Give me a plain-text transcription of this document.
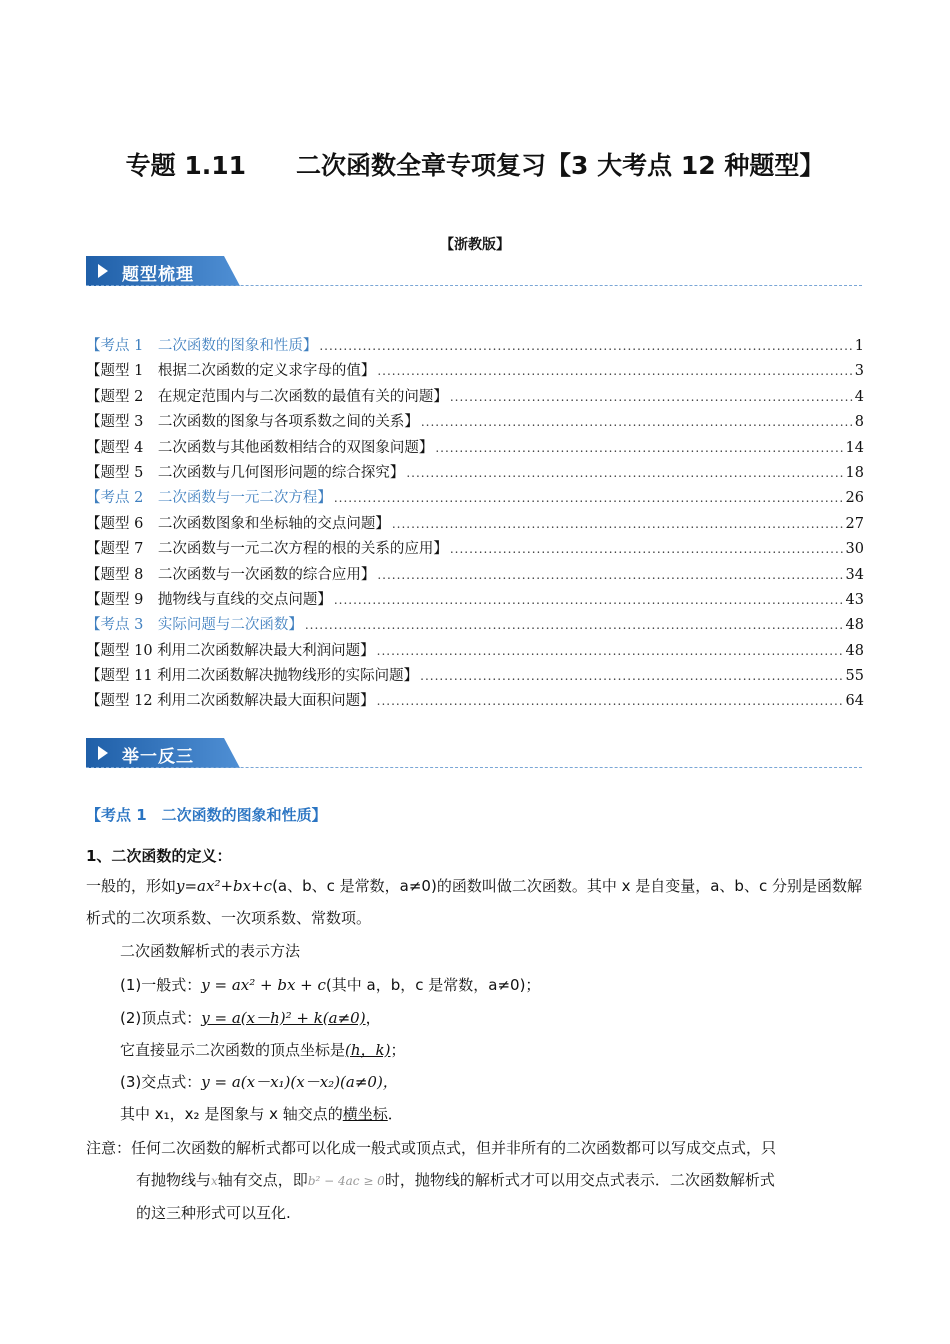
专题 1.11　　二次函数全章专项复习【3 大考点 12 种题型】
【浙教版】
题型梳理
【考点 1　二次函数的图象和性质】 .....	1
【题型 1　根据二次函数的定义求字母的值】 .....	3
【题型 2　在规定范围内与二次函数的最值有关的问题】 .....	4
【题型 3　二次函数的图象与各项系数之间的关系】 .....	8
【题型 4　二次函数与其他函数相结合的双图象问题】 .....	14
【题型 5　二次函数与几何图形问题的综合探究】 .....	18
【考点 2　二次函数与一元二次方程】 .....	26
【题型 6　二次函数图象和坐标轴的交点问题】 .....	27
【题型 7　二次函数与一元二次方程的根的关系的应用】 .....	30
【题型 8　二次函数与一次函数的综合应用】 .....	34
【题型 9　抛物线与直线的交点问题】 .....	43
【考点 3　实际问题与二次函数】 .....	48
【题型 10 利用二次函数解决最大利润问题】 .....	48
【题型 11 利用二次函数解决抛物线形的实际问题】 .....	55
【题型 12 利用二次函数解决最大面积问题】 .....	64
举一反三
【考点 1　二次函数的图象和性质】
1、二次函数的定义：
一般的，形如y=ax²+bx+c(a、b、c 是常数，a≠0)的函数叫做二次函数。其中 x 是自变量，a、b、c 分别是函数解析式的二次项系数、一次项系数、常数项。
二次函数解析式的表示方法
(1)一般式：y = ax² + bx + c(其中 a，b，c 是常数，a≠0)；
(2)顶点式：y = a(x－h)² + k(a≠0)，
它直接显示二次函数的顶点坐标是(h，k)；
(3)交点式：y = a(x－x₁)(x－x₂)(a≠0)，
其中 x₁，x₂ 是图象与 x 轴交点的横坐标．
注意：任何二次函数的解析式都可以化成一般式或顶点式，但并非所有的二次函数都可以写成交点式，只
有抛物线与x轴有交点，即b² − 4ac ≥ 0时，抛物线的解析式才可以用交点式表示．二次函数解析式
的这三种形式可以互化.
